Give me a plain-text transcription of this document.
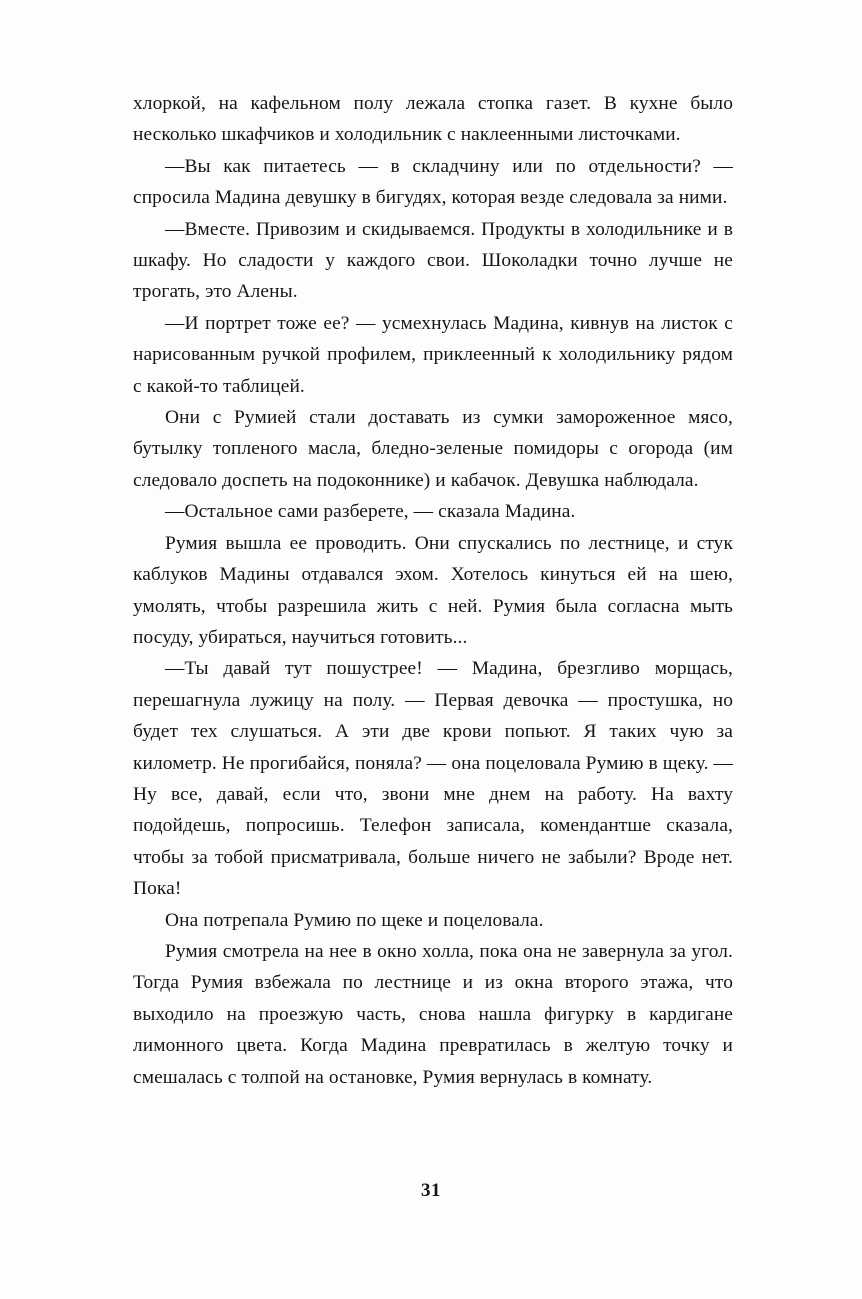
хлоркой, на кафельном полу лежала стопка газет. В кухне было несколько шкафчиков и холодильник с наклеенными листочками.

—Вы как питаетесь — в складчину или по отдельности? — спросила Мадина девушку в бигудях, которая везде следовала за ними.

—Вместе. Привозим и скидываемся. Продукты в холодильнике и в шкафу. Но сладости у каждого свои. Шоколадки точно лучше не трогать, это Алены.

—И портрет тоже ее? — усмехнулась Мадина, кивнув на листок с нарисованным ручкой профилем, приклеенный к холодильнику рядом с какой-то таблицей.

Они с Румией стали доставать из сумки замороженное мясо, бутылку топленого масла, бледно-зеленые помидоры с огорода (им следовало доспеть на подоконнике) и кабачок. Девушка наблюдала.

—Остальное сами разберете, — сказала Мадина.

Румия вышла ее проводить. Они спускались по лестнице, и стук каблуков Мадины отдавался эхом. Хотелось кинуться ей на шею, умолять, чтобы разрешила жить с ней. Румия была согласна мыть посуду, убираться, научиться готовить...

—Ты давай тут пошустрее! — Мадина, брезгливо морщась, перешагнула лужицу на полу. — Первая девочка — простушка, но будет тех слушаться. А эти две крови попьют. Я таких чую за километр. Не прогибайся, поняла? — она поцеловала Румию в щеку. — Ну все, давай, если что, звони мне днем на работу. На вахту подойдешь, попросишь. Телефон записала, комендантше сказала, чтобы за тобой присматривала, больше ничего не забыли? Вроде нет. Пока!

Она потрепала Румию по щеке и поцеловала.

Румия смотрела на нее в окно холла, пока она не завернула за угол. Тогда Румия взбежала по лестнице и из окна второго этажа, что выходило на проезжую часть, снова нашла фигурку в кардигане лимонного цвета. Когда Мадина превратилась в желтую точку и смешалась с толпой на остановке, Румия вернулась в комнату.

31
